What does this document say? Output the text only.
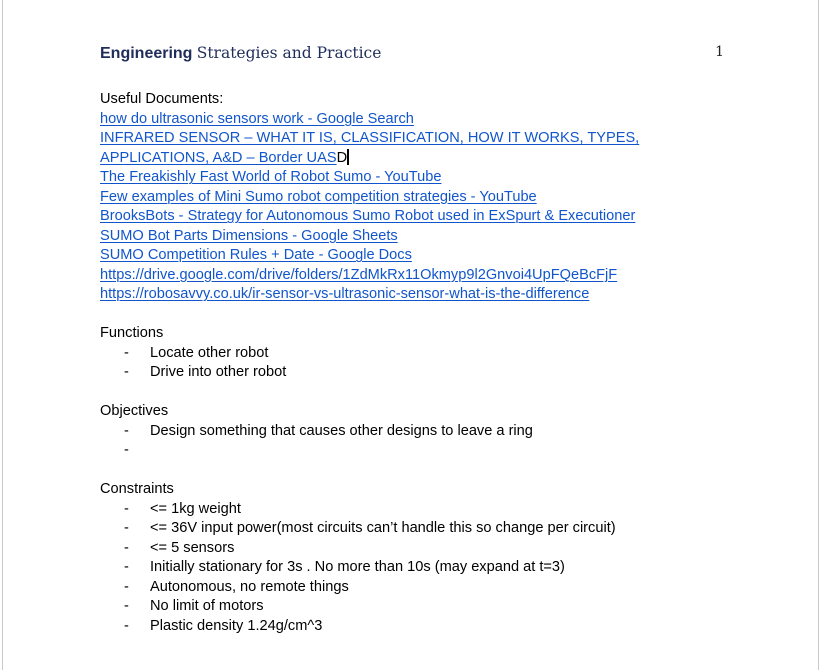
Engineering Strategies and Practice	1
Useful Documents:
how do ultrasonic sensors work - Google Search
INFRARED SENSOR – WHAT IT IS, CLASSIFICATION, HOW IT WORKS, TYPES,
APPLICATIONS, A&D – Border UASD
The Freakishly Fast World of Robot Sumo - YouTube
Few examples of Mini Sumo robot competition strategies - YouTube
BrooksBots - Strategy for Autonomous Sumo Robot used in ExSpurt & Executioner
SUMO Bot Parts Dimensions - Google Sheets
SUMO Competition Rules + Date - Google Docs
https://drive.google.com/drive/folders/1ZdMkRx11Okmyp9l2Gnvoi4UpFQeBcFjF
https://robosavvy.co.uk/ir-sensor-vs-ultrasonic-sensor-what-is-the-difference
Functions
-	Locate other robot
-	Drive into other robot
Objectives
-	Design something that causes other designs to leave a ring
-
Constraints
-	<= 1kg weight
-	<= 36V input power(most circuits can’t handle this so change per circuit)
-	<= 5 sensors
-	Initially stationary for 3s . No more than 10s (may expand at t=3)
-	Autonomous, no remote things
-	No limit of motors
-	Plastic density 1.24g/cm^3
